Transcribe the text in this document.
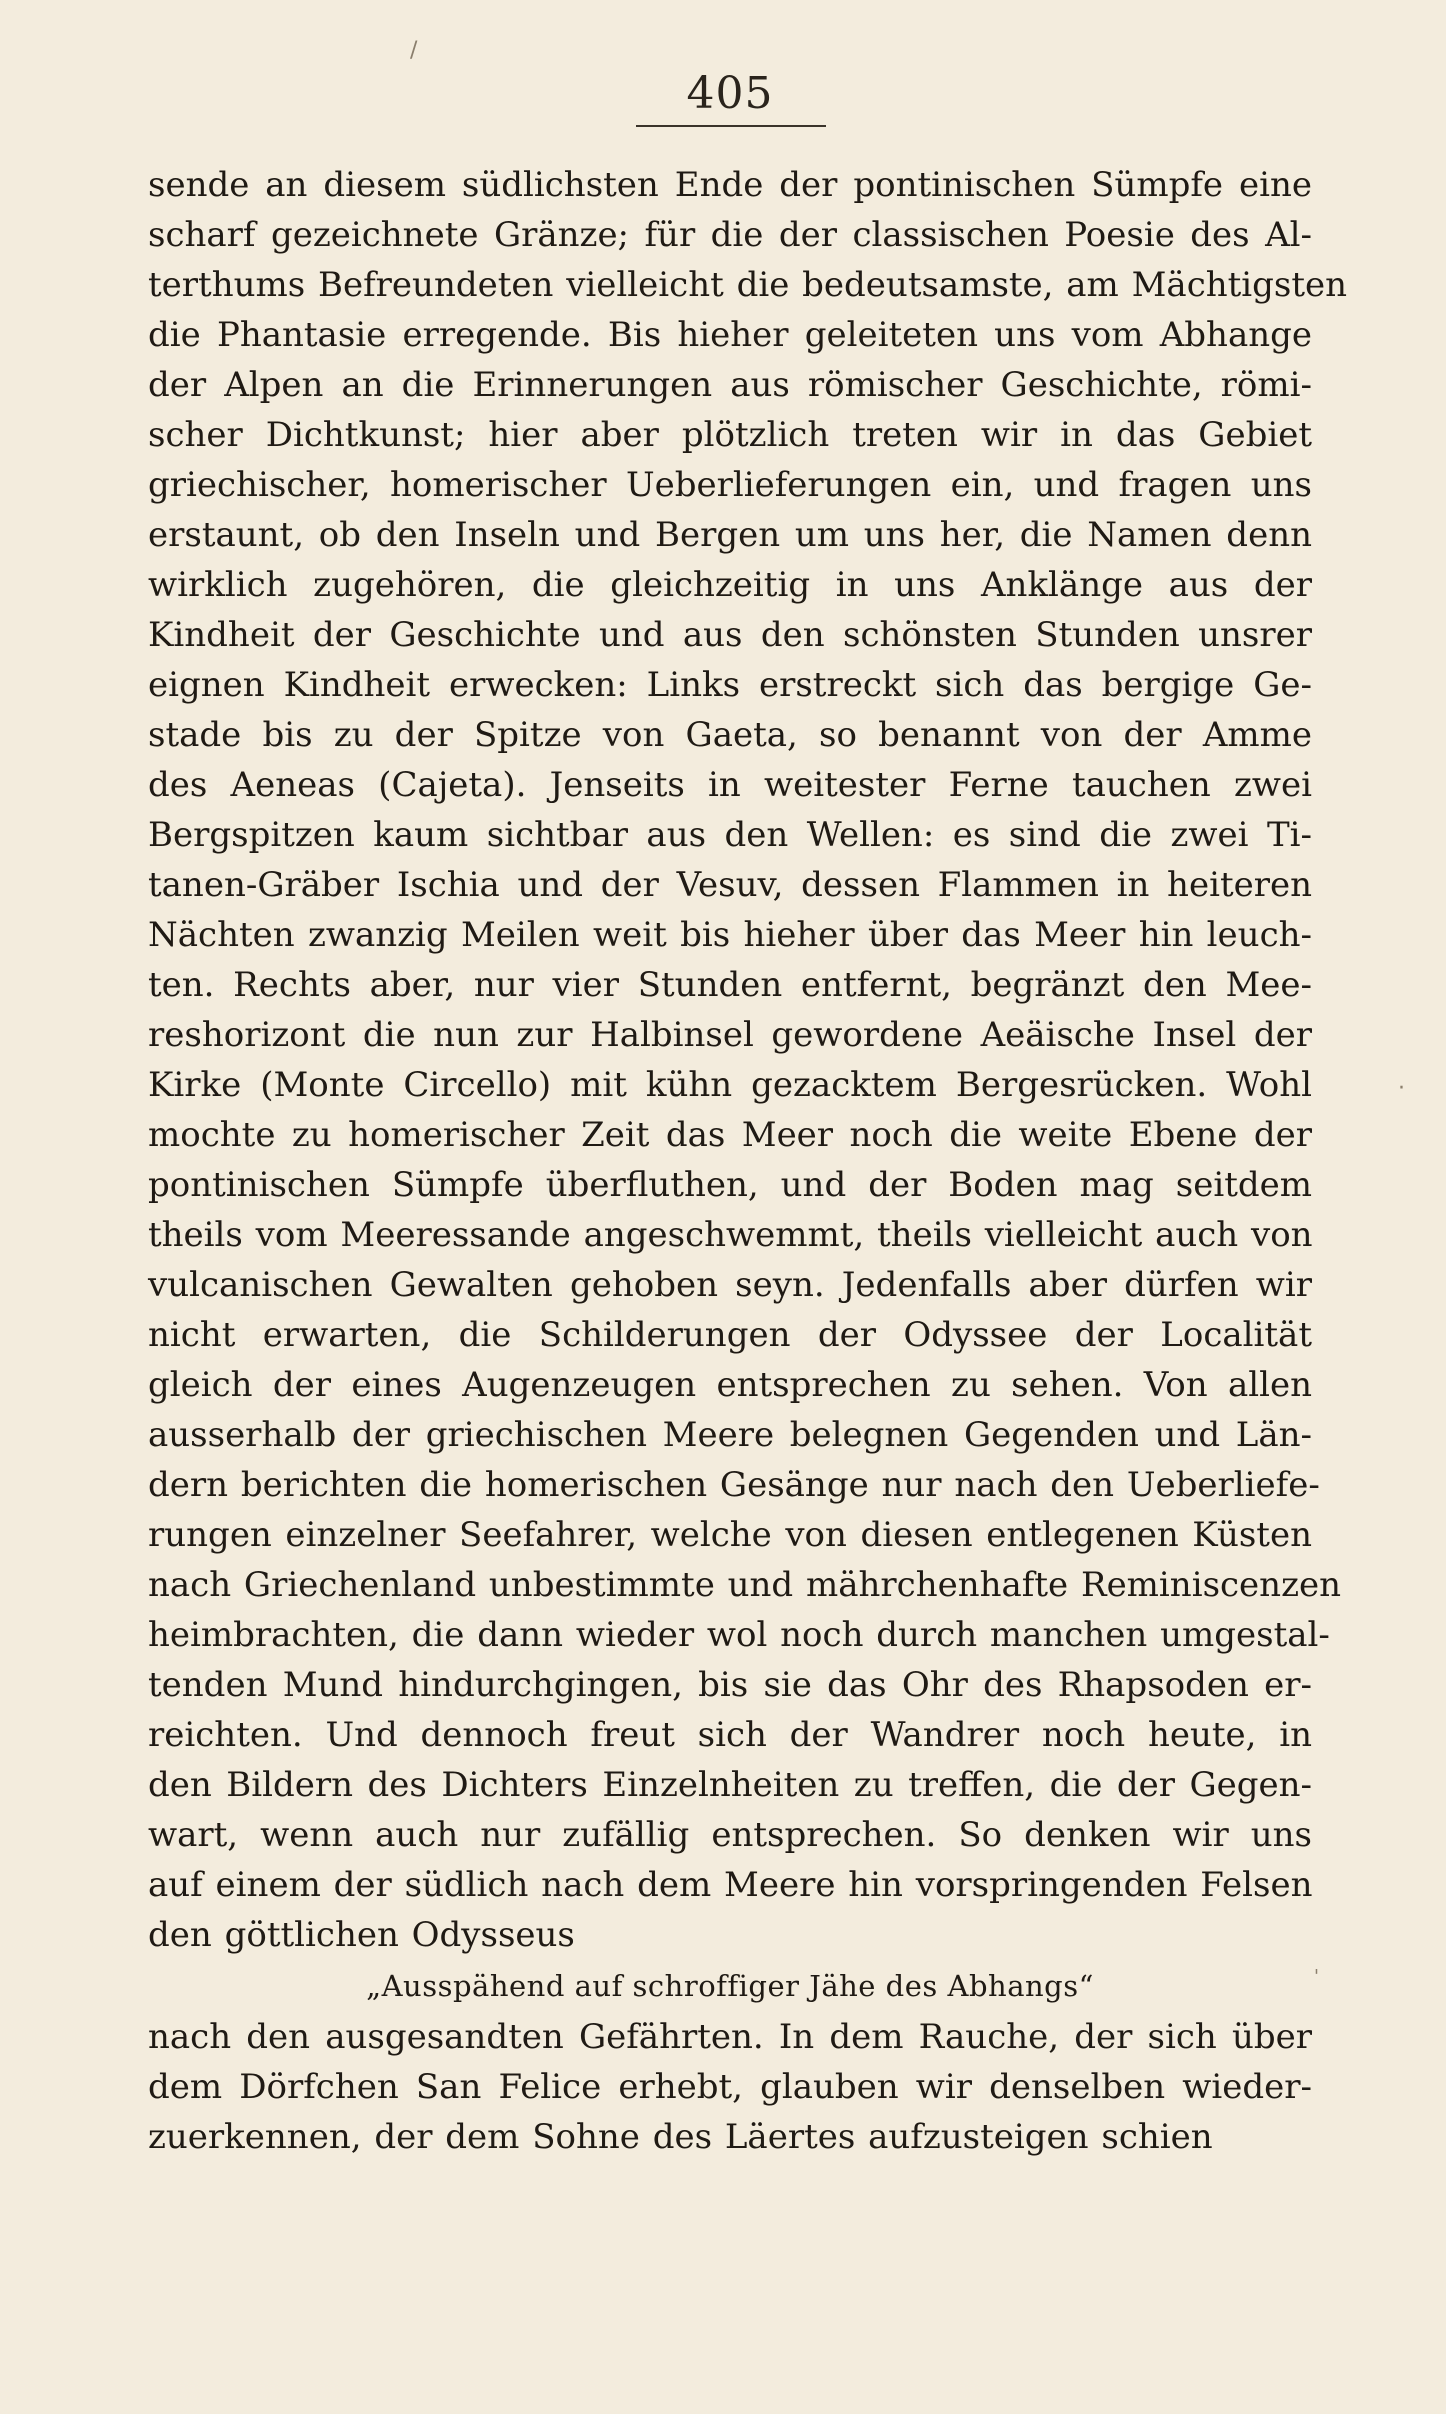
/
·
'
405
sende an diesem südlichsten Ende der pontinischen Sümpfe eine
scharf gezeichnete Gränze; für die der classischen Poesie des Al-
terthums Befreundeten vielleicht die bedeutsamste, am Mächtigsten
die Phantasie erregende. Bis hieher geleiteten uns vom Abhange
der Alpen an die Erinnerungen aus römischer Geschichte, römi-
scher Dichtkunst; hier aber plötzlich treten wir in das Gebiet
griechischer, homerischer Ueberlieferungen ein, und fragen uns
erstaunt, ob den Inseln und Bergen um uns her, die Namen denn
wirklich zugehören, die gleichzeitig in uns Anklänge aus der
Kindheit der Geschichte und aus den schönsten Stunden unsrer
eignen Kindheit erwecken: Links erstreckt sich das bergige Ge-
stade bis zu der Spitze von Gaeta, so benannt von der Amme
des Aeneas (Cajeta). Jenseits in weitester Ferne tauchen zwei
Bergspitzen kaum sichtbar aus den Wellen: es sind die zwei Ti-
tanen-Gräber Ischia und der Vesuv, dessen Flammen in heiteren
Nächten zwanzig Meilen weit bis hieher über das Meer hin leuch-
ten. Rechts aber, nur vier Stunden entfernt, begränzt den Mee-
reshorizont die nun zur Halbinsel gewordene Aeäische Insel der
Kirke (Monte Circello) mit kühn gezacktem Bergesrücken. Wohl
mochte zu homerischer Zeit das Meer noch die weite Ebene der
pontinischen Sümpfe überfluthen, und der Boden mag seitdem
theils vom Meeressande angeschwemmt, theils vielleicht auch von
vulcanischen Gewalten gehoben seyn. Jedenfalls aber dürfen wir
nicht erwarten, die Schilderungen der Odyssee der Localität
gleich der eines Augenzeugen entsprechen zu sehen. Von allen
ausserhalb der griechischen Meere belegnen Gegenden und Län-
dern berichten die homerischen Gesänge nur nach den Ueberliefe-
rungen einzelner Seefahrer, welche von diesen entlegenen Küsten
nach Griechenland unbestimmte und mährchenhafte Reminiscenzen
heimbrachten, die dann wieder wol noch durch manchen umgestal-
tenden Mund hindurchgingen, bis sie das Ohr des Rhapsoden er-
reichten. Und dennoch freut sich der Wandrer noch heute, in
den Bildern des Dichters Einzelnheiten zu treffen, die der Gegen-
wart, wenn auch nur zufällig entsprechen. So denken wir uns
auf einem der südlich nach dem Meere hin vorspringenden Felsen
den göttlichen Odysseus
„Ausspähend auf schroffiger Jähe des Abhangs“
nach den ausgesandten Gefährten. In dem Rauche, der sich über
dem Dörfchen San Felice erhebt, glauben wir denselben wieder-
zuerkennen, der dem Sohne des Läertes aufzusteigen schien
